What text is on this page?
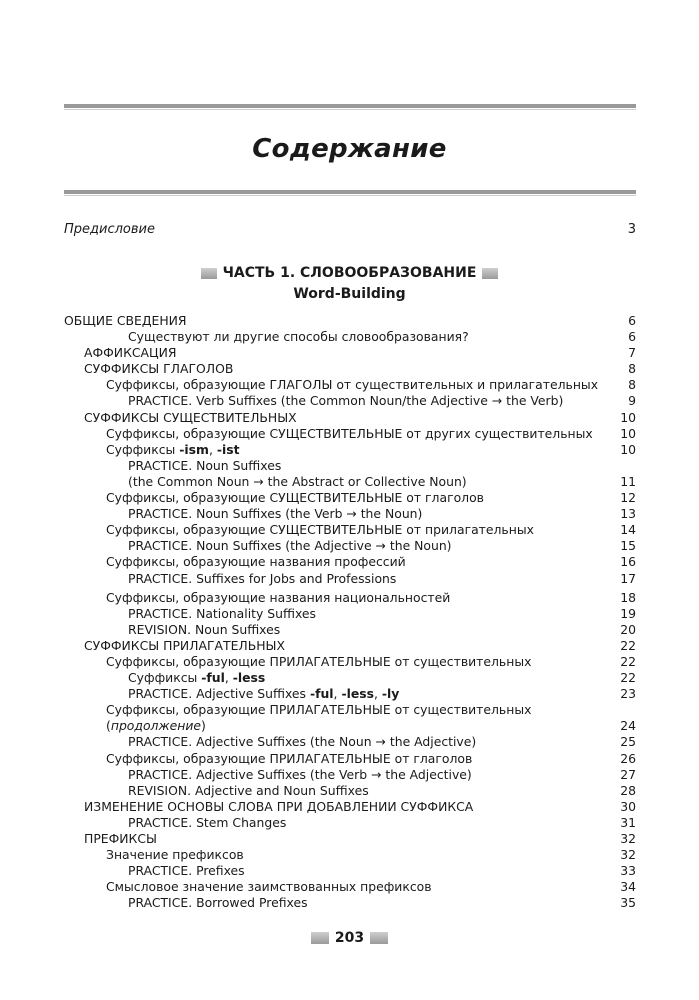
Содержание
Предисловие	3
ЧАСТЬ 1. СЛОВООБРАЗОВАНИЕ
Word-Building
ОБЩИЕ СВЕДЕНИЯ	6
Существуют ли другие способы словообразования?	6
АФФИКСАЦИЯ	7
СУФФИКСЫ ГЛАГОЛОВ	8
Суффиксы, образующие ГЛАГОЛЫ от существительных и прилагательных	8
PRACTICE. Verb Suffixes (the Common Noun/the Adjective → the Verb)	9
СУФФИКСЫ СУЩЕСТВИТЕЛЬНЫХ	10
Суффиксы, образующие СУЩЕСТВИТЕЛЬНЫЕ от других существительных	10
Суффиксы -ism, -ist	10
PRACTICE. Noun Suffixes
(the Common Noun → the Abstract or Collective Noun)	11
Суффиксы, образующие СУЩЕСТВИТЕЛЬНЫЕ от глаголов	12
PRACTICE. Noun Suffixes (the Verb → the Noun)	13
Суффиксы, образующие СУЩЕСТВИТЕЛЬНЫЕ от прилагательных	14
PRACTICE. Noun Suffixes (the Adjective → the Noun)	15
Суффиксы, образующие названия профессий	16
PRACTICE. Suffixes for Jobs and Professions	17
Суффиксы, образующие названия национальностей	18
PRACTICE. Nationality Suffixes	19
REVISION. Noun Suffixes	20
СУФФИКСЫ ПРИЛАГАТЕЛЬНЫХ	22
Суффиксы, образующие ПРИЛАГАТЕЛЬНЫЕ от существительных	22
Суффиксы -ful, -less	22
PRACTICE. Adjective Suffixes -ful, -less, -ly	23
Суффиксы, образующие ПРИЛАГАТЕЛЬНЫЕ от существительных
(продолжение)	24
PRACTICE. Adjective Suffixes (the Noun → the Adjective)	25
Суффиксы, образующие ПРИЛАГАТЕЛЬНЫЕ от глаголов	26
PRACTICE. Adjective Suffixes (the Verb → the Adjective)	27
REVISION. Adjective and Noun Suffixes	28
ИЗМЕНЕНИЕ ОСНОВЫ СЛОВА ПРИ ДОБАВЛЕНИИ СУФФИКСА	30
PRACTICE. Stem Changes	31
ПРЕФИКСЫ	32
Значение префиксов	32
PRACTICE. Prefixes	33
Смысловое значение заимствованных префиксов	34
PRACTICE. Borrowed Prefixes	35
203
